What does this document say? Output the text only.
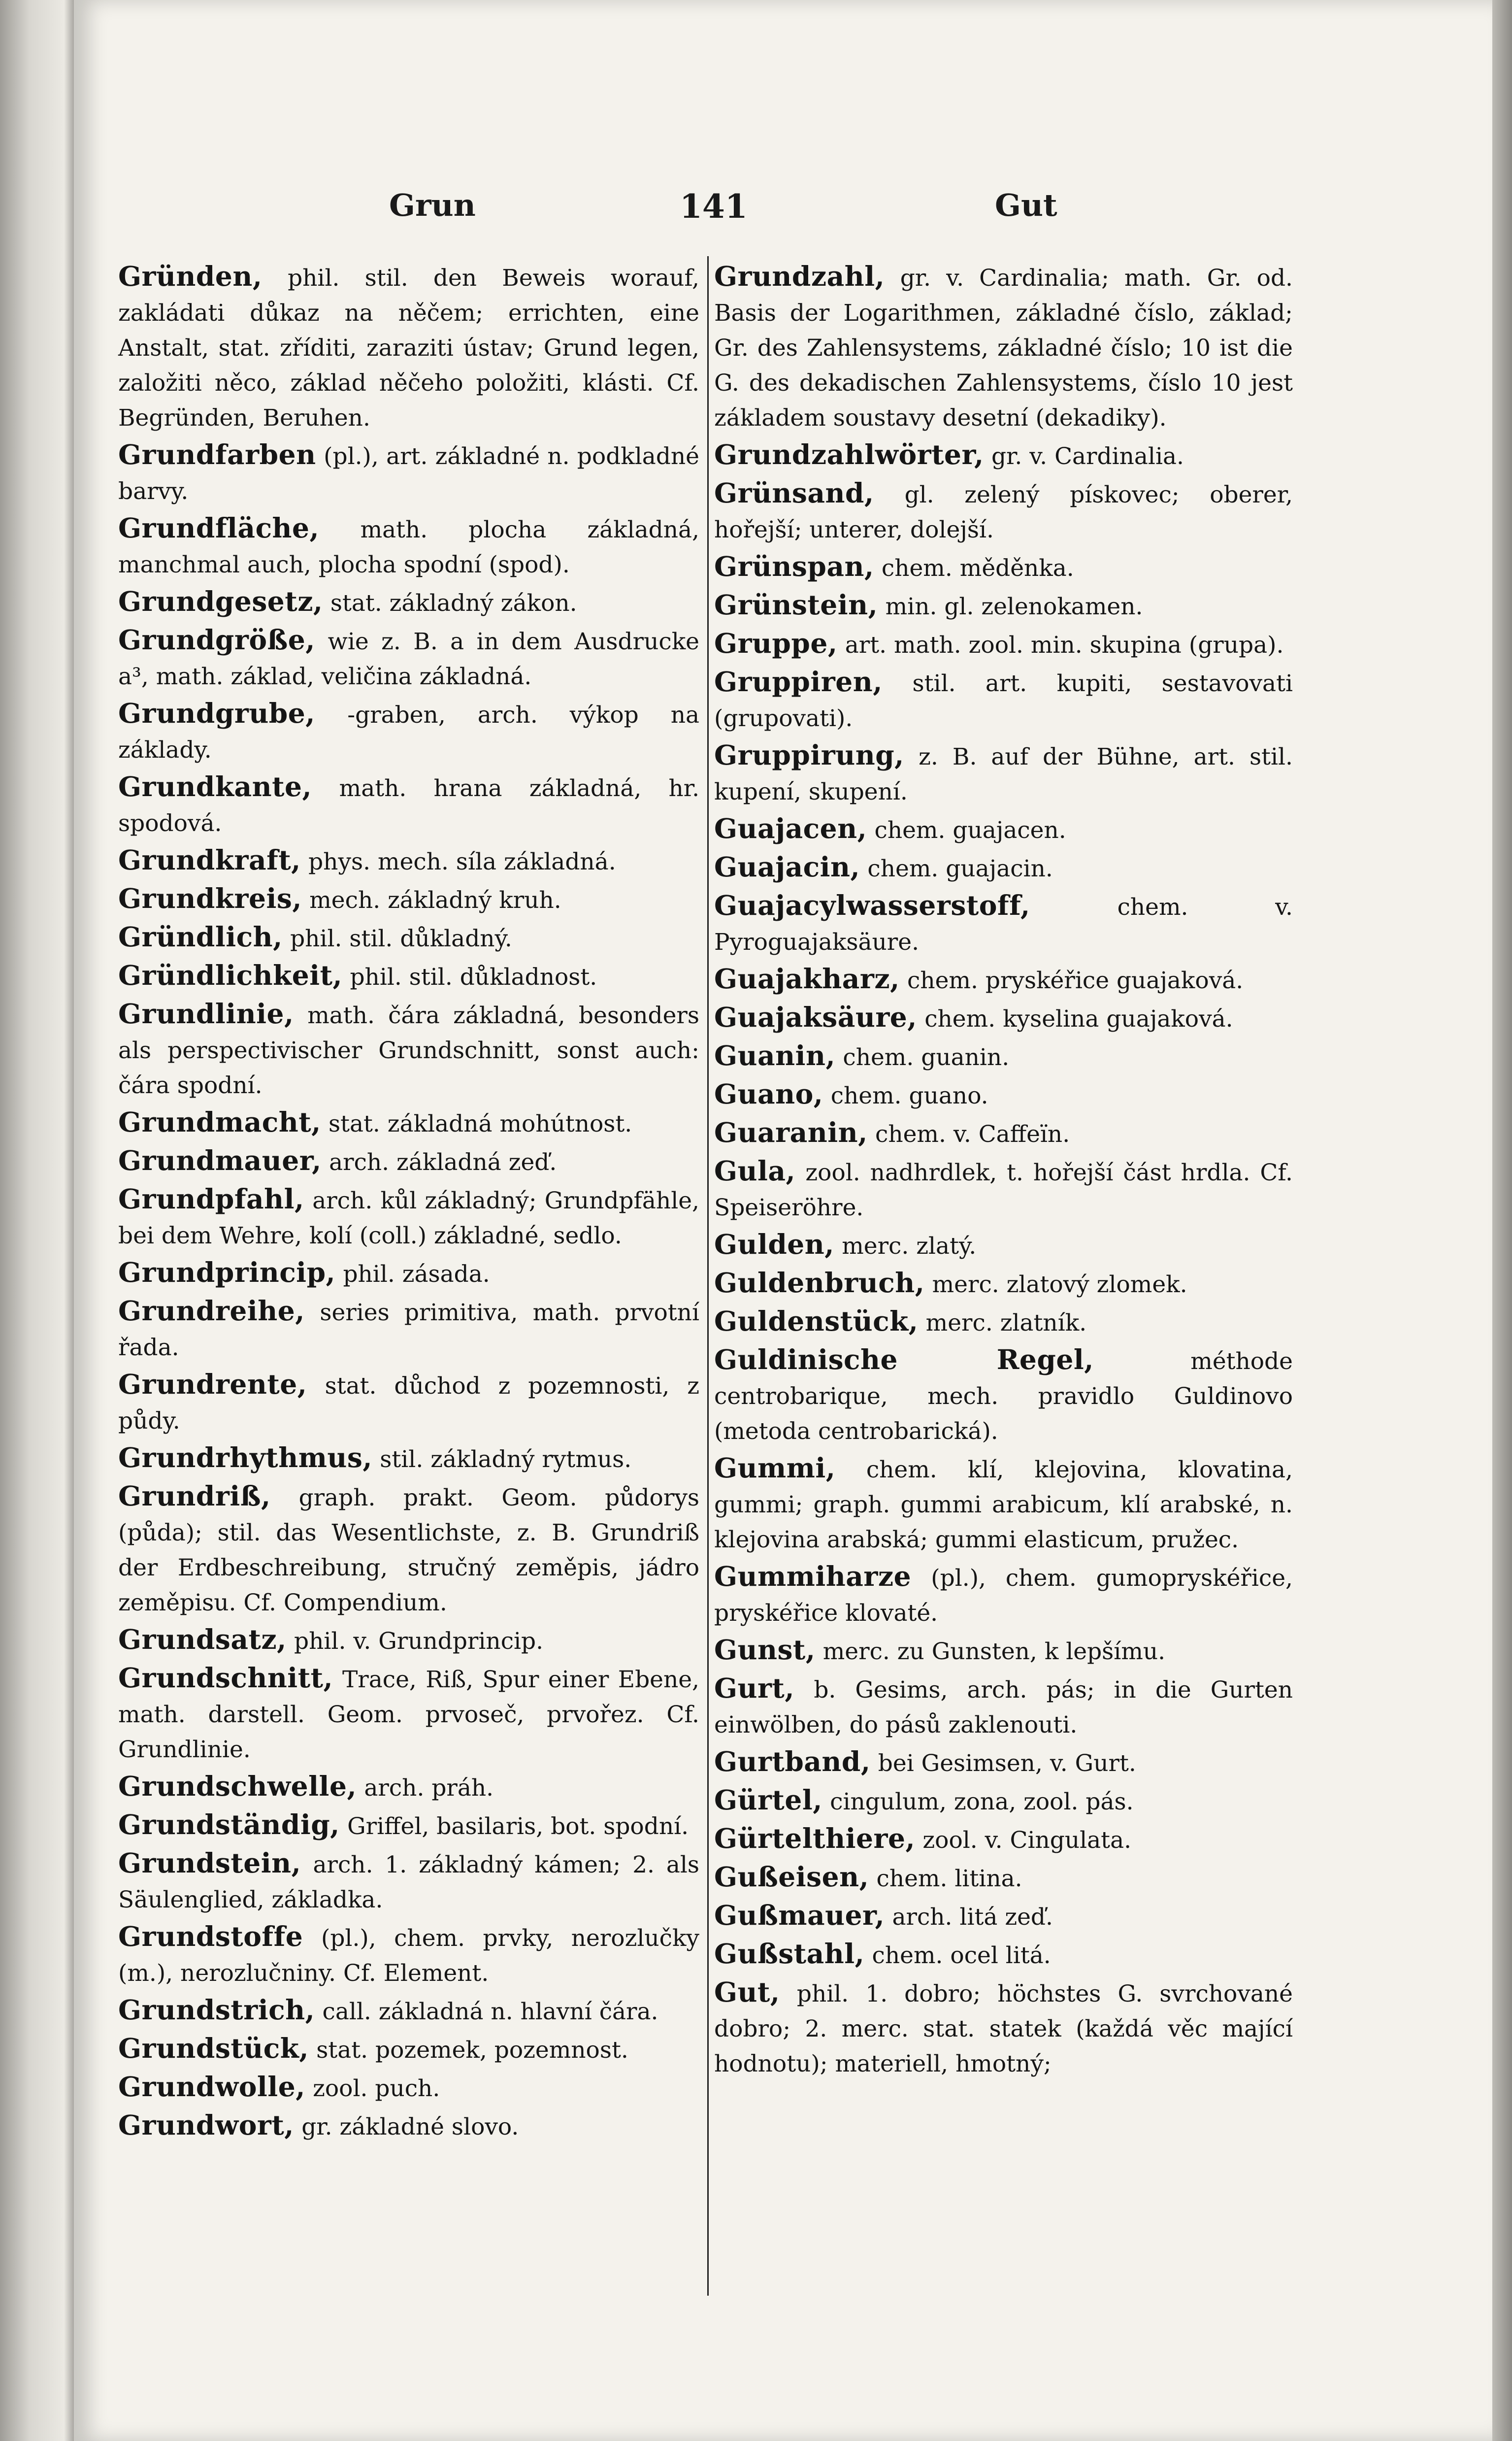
Grun	141	Gut
Gründen, phil. stil. den Beweis worauf, zakládati důkaz na něčem; errichten, eine Anstalt, stat. zříditi, zaraziti ústav; Grund legen, založiti něco, základ něčeho položiti, klásti. Cf. Begründen, Beruhen.
Grundfarben (pl.), art. základné n. podkladné barvy.
Grundfläche, math. plocha základná, manchmal auch, plocha spodní (spod).
Grundgesetz, stat. základný zákon.
Grundgröße, wie z. B. a in dem Ausdrucke a³, math. základ, veličina základná.
Grundgrube, -graben, arch. výkop na základy.
Grundkante, math. hrana základná, hr. spodová.
Grundkraft, phys. mech. síla základná.
Grundkreis, mech. základný kruh.
Gründlich, phil. stil. důkladný.
Gründlichkeit, phil. stil. důkladnost.
Grundlinie, math. čára základná, besonders als perspectivischer Grundschnitt, sonst auch: čára spodní.
Grundmacht, stat. základná mohútnost.
Grundmauer, arch. základná zeď.
Grundpfahl, arch. kůl základný; Grundpfähle, bei dem Wehre, kolí (coll.) základné, sedlo.
Grundprincip, phil. zásada.
Grundreihe, series primitiva, math. prvotní řada.
Grundrente, stat. důchod z pozemnosti, z půdy.
Grundrhythmus, stil. základný rytmus.
Grundriß, graph. prakt. Geom. půdorys (půda); stil. das Wesentlichste, z. B. Grundriß der Erdbeschreibung, stručný zeměpis, jádro zeměpisu. Cf. Compendium.
Grundsatz, phil. v. Grundprincip.
Grundschnitt, Trace, Riß, Spur einer Ebene, math. darstell. Geom. prvoseč, prvořez. Cf. Grundlinie.
Grundschwelle, arch. práh.
Grundständig, Griffel, basilaris, bot. spodní.
Grundstein, arch. 1. základný kámen; 2. als Säulenglied, základka.
Grundstoffe (pl.), chem. prvky, nerozlučky (m.), nerozlučniny. Cf. Element.
Grundstrich, call. základná n. hlavní čára.
Grundstück, stat. pozemek, pozemnost.
Grundwolle, zool. puch.
Grundwort, gr. základné slovo.
Grundzahl, gr. v. Cardinalia; math. Gr. od. Basis der Logarithmen, základné číslo, základ; Gr. des Zahlensystems, základné číslo; 10 ist die G. des dekadischen Zahlensystems, číslo 10 jest základem soustavy desetní (dekadiky).
Grundzahlwörter, gr. v. Cardinalia.
Grünsand, gl. zelený pískovec; oberer, hořejší; unterer, dolejší.
Grünspan, chem. měděnka.
Grünstein, min. gl. zelenokamen.
Gruppe, art. math. zool. min. skupina (grupa).
Gruppiren, stil. art. kupiti, sestavovati (grupovati).
Gruppirung, z. B. auf der Bühne, art. stil. kupení, skupení.
Guajacen, chem. guajacen.
Guajacin, chem. guajacin.
Guajacylwasserstoff,	chem. v. Pyroguajaksäure.
Guajakharz, chem. pryskéřice guajaková.
Guajaksäure, chem. kyselina guajaková.
Guanin, chem. guanin.
Guano, chem. guano.
Guaranin, chem. v. Caffeïn.
Gula, zool. nadhrdlek, t. hořejší část hrdla. Cf. Speiseröhre.
Gulden, merc. zlatý.
Guldenbruch, merc. zlatový zlomek.
Guldenstück, merc. zlatník.
Guldinische Regel,	méthode centrobarique, mech. pravidlo Guldinovo (metoda centrobarická).
Gummi, chem. klí, klejovina, klovatina, gummi; graph. gummi arabicum, klí arabské, n. klejovina arabská; gummi elasticum, pružec.
Gummiharze (pl.), chem. gumopryskéřice, pryskéřice klovaté.
Gunst, merc. zu Gunsten, k lepšímu.
Gurt, b. Gesims, arch. pás; in die Gurten einwölben, do pásů zaklenouti.
Gurtband, bei Gesimsen, v. Gurt.
Gürtel, cingulum, zona, zool. pás.
Gürtelthiere, zool. v. Cingulata.
Gußeisen, chem. litina.
Gußmauer, arch. litá zeď.
Gußstahl, chem. ocel litá.
Gut, phil. 1. dobro; höchstes G. svrchované dobro; 2. merc. stat. statek (každá věc mající hodnotu); materiell, hmotný;
